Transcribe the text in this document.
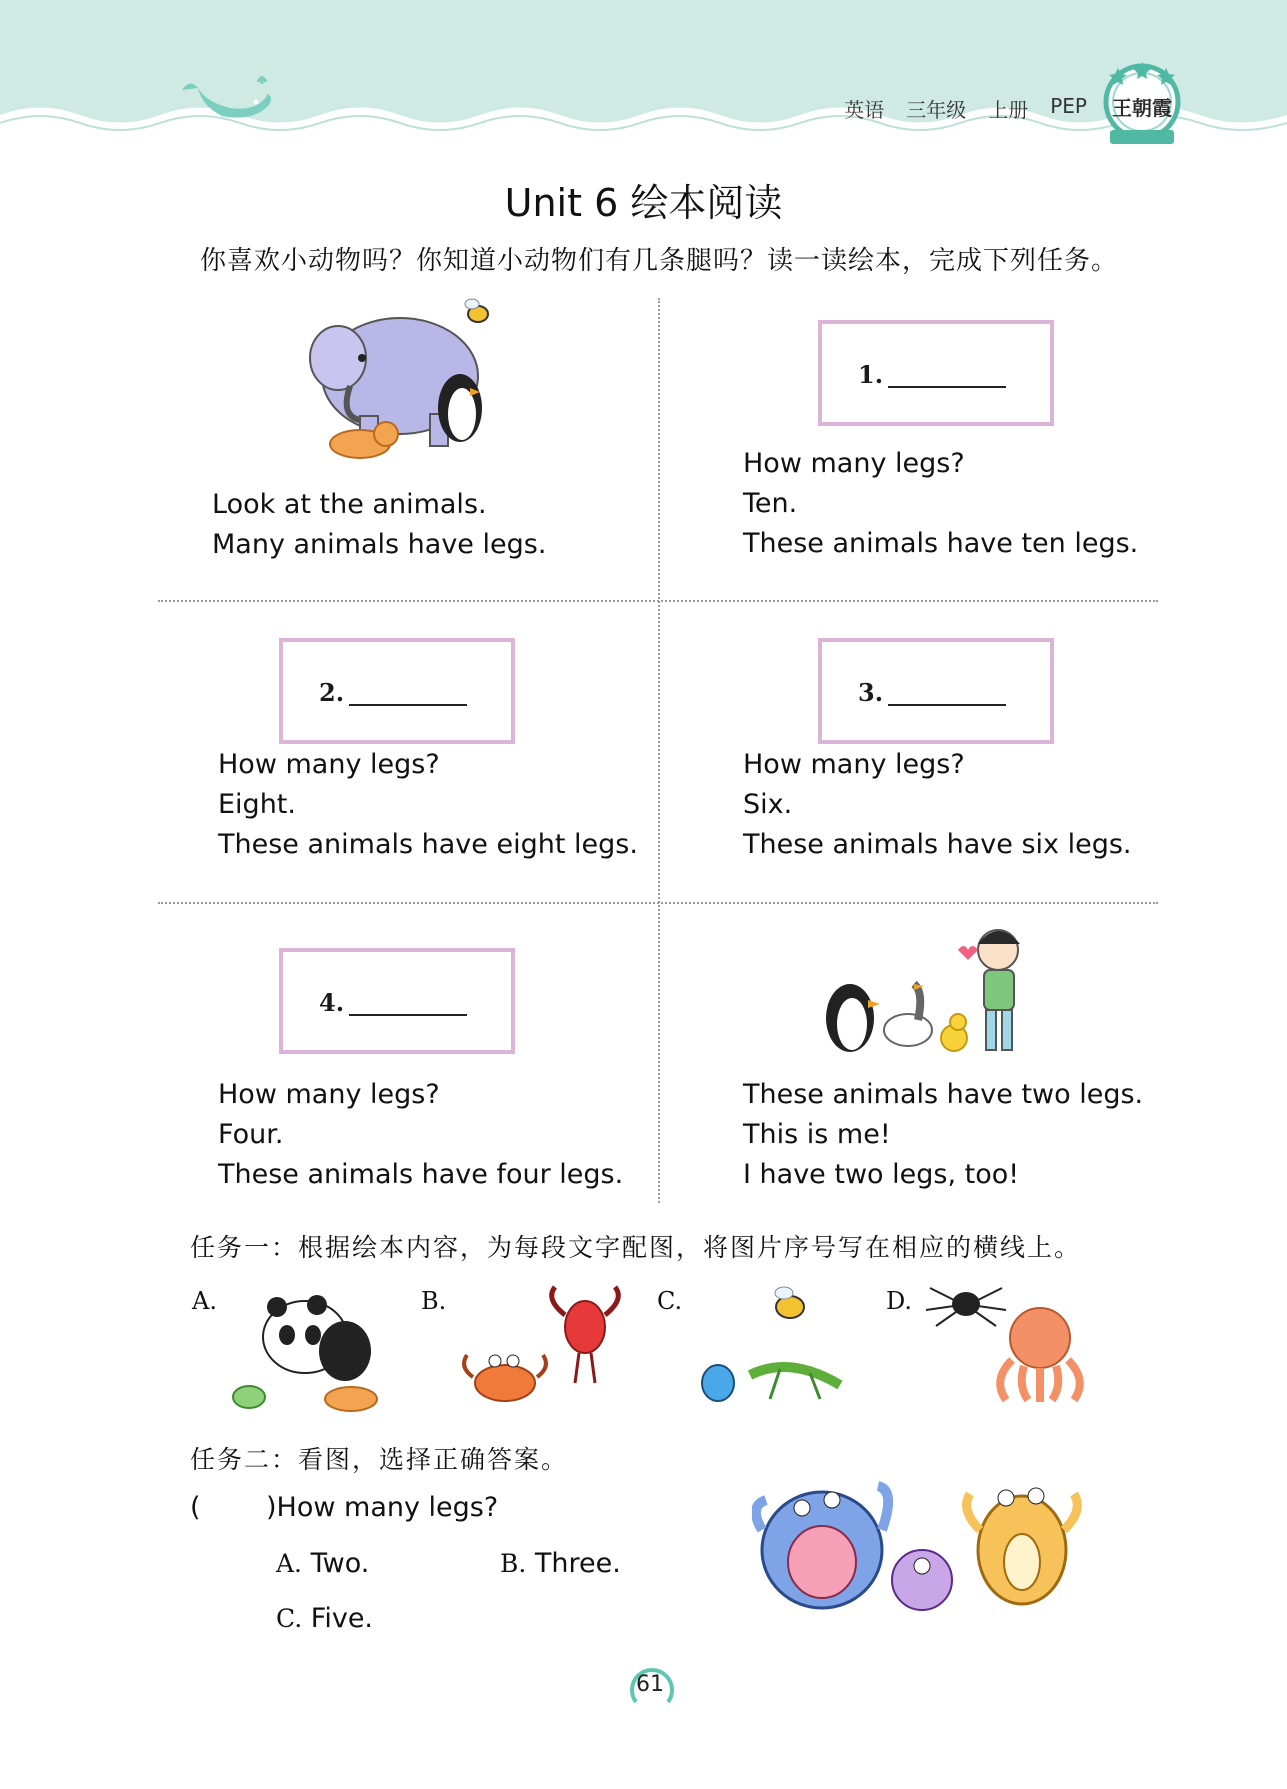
英语 三年级 上册 PEP 王朝霞
Unit 6 绘本阅读
你喜欢小动物吗？你知道小动物们有几条腿吗？读一读绘本，完成下列任务。
Look at the animals.
Many animals have legs.
1.
How many legs?
Ten.
These animals have ten legs.
2.
How many legs?
Eight.
These animals have eight legs.
3.
How many legs?
Six.
These animals have six legs.
4.
How many legs?
Four.
These animals have four legs.
These animals have two legs.
This is me!
I have two legs, too!
任务一：根据绘本内容，为每段文字配图，将图片序号写在相应的横线上。
A.	B.	C.	D.
任务二：看图，选择正确答案。
( )How many legs?
A. Two.	B. Three.
C. Five.
61
